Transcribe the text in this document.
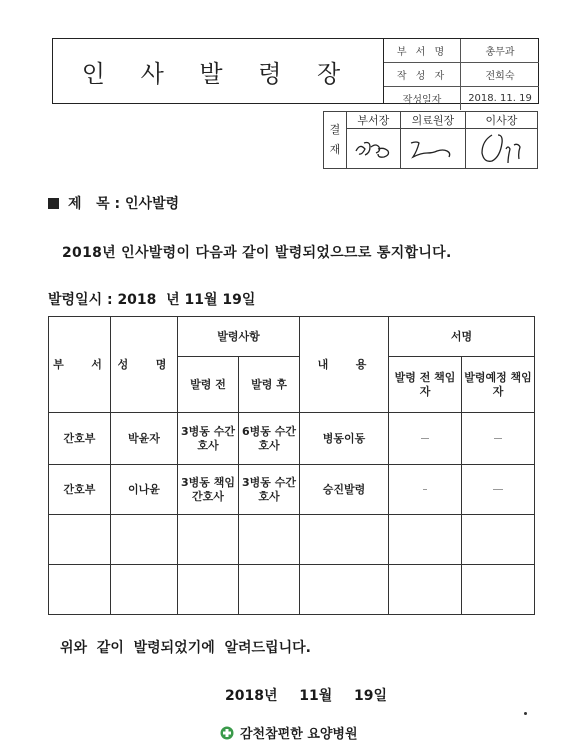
인 사 발 령 장
부 서 명	총무과
작 성 자	전희숙
작성일자	2018. 11. 19
결
재	부서장	의료원장	이사장

제   목 : 인사발령
2018년 인사발령이 다음과 같이 발령되었으므로 통지합니다.
발령일시 : 2018  년 11월 19일
부   서	성   명	발령사항		내   용	서명	
		발령 전	발령 후		발령 전 책임자	발령예정 책임자
간호부	박윤자	3병동 수간호사	6병동 수간호사	병동이동		
간호부	이나윤	3병동 책임 간호사	3병동 수간호사	승진발령		

위와  같이  발령되었기에  알려드립니다.
2018년  11월  19일
감천참편한 요양병원
